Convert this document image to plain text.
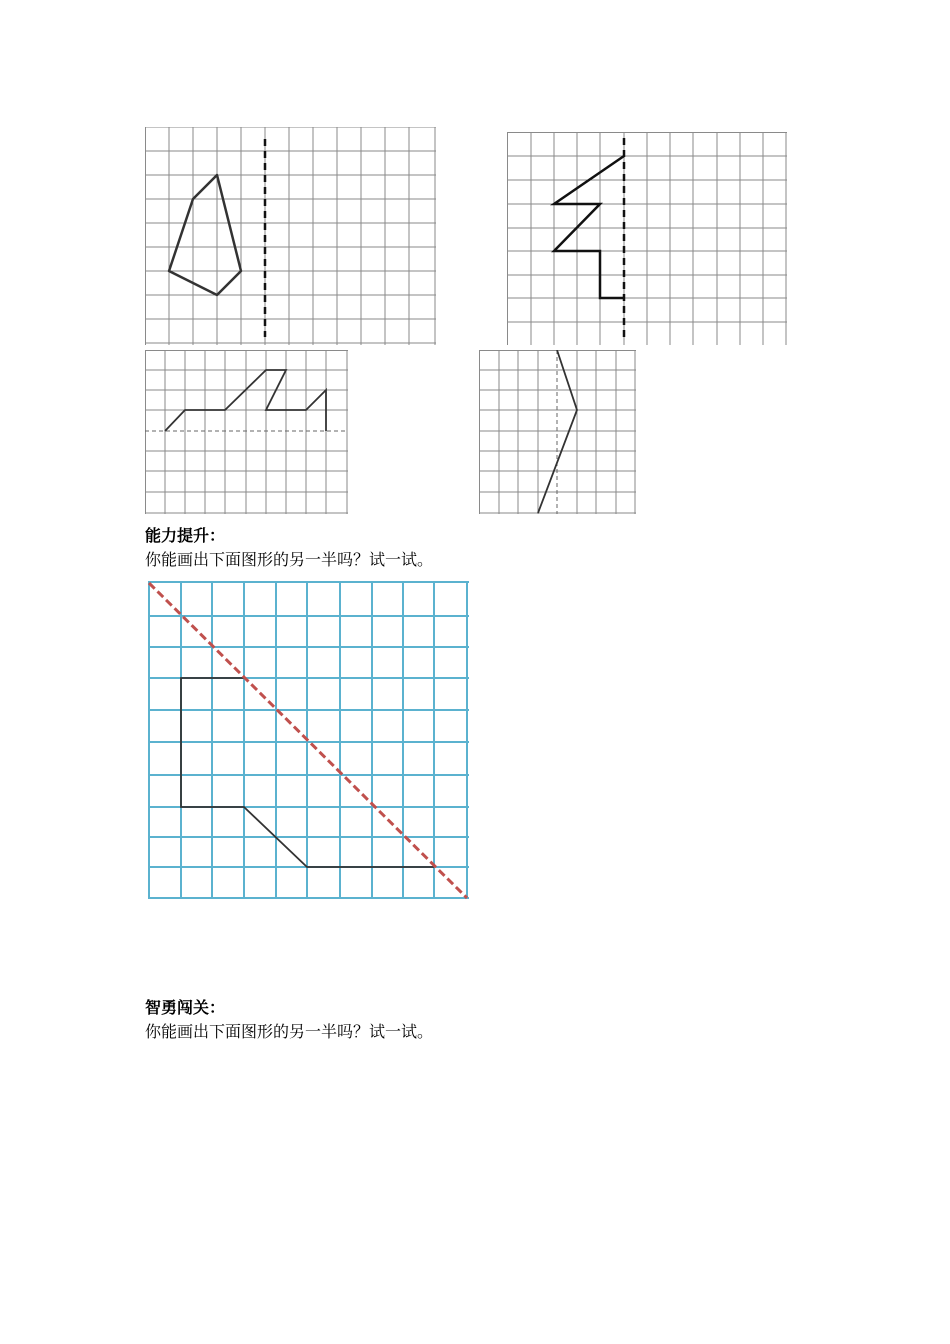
能力提升：
你能画出下面图形的另一半吗？试一试。
智勇闯关：
你能画出下面图形的另一半吗？试一试。
